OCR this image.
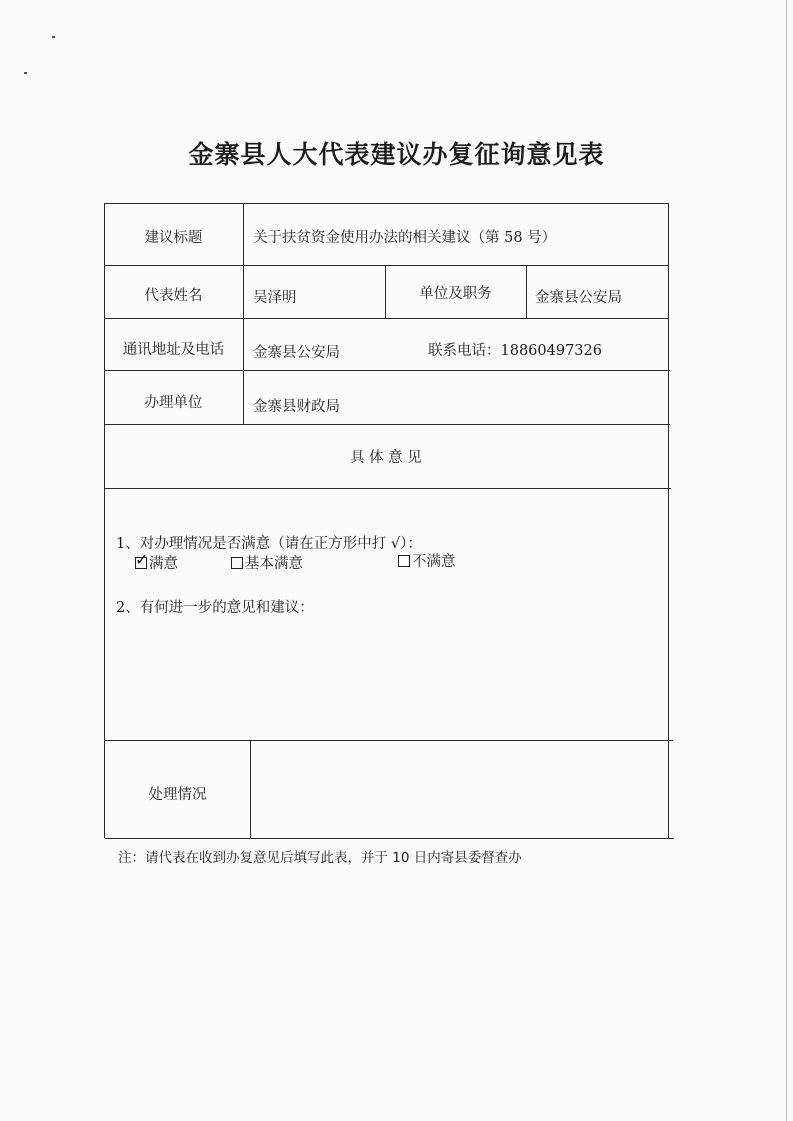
金寨县人大代表建议办复征询意见表
建议标题	关于扶贫资金使用办法的相关建议（第 58 号）
代表姓名	吴泽明	单位及职务	金寨县公安局
通讯地址及电话	金寨县公安局	联系电话：18860497326
办理单位	金寨县财政局
具 体 意 见
1、对办理情况是否满意（请在正方形中打 √）：
✓ 满意	基本满意	不满意
2、有何进一步的意见和建议：
处理情况
注：请代表在收到办复意见后填写此表，并于 10 日内寄县委督查办
